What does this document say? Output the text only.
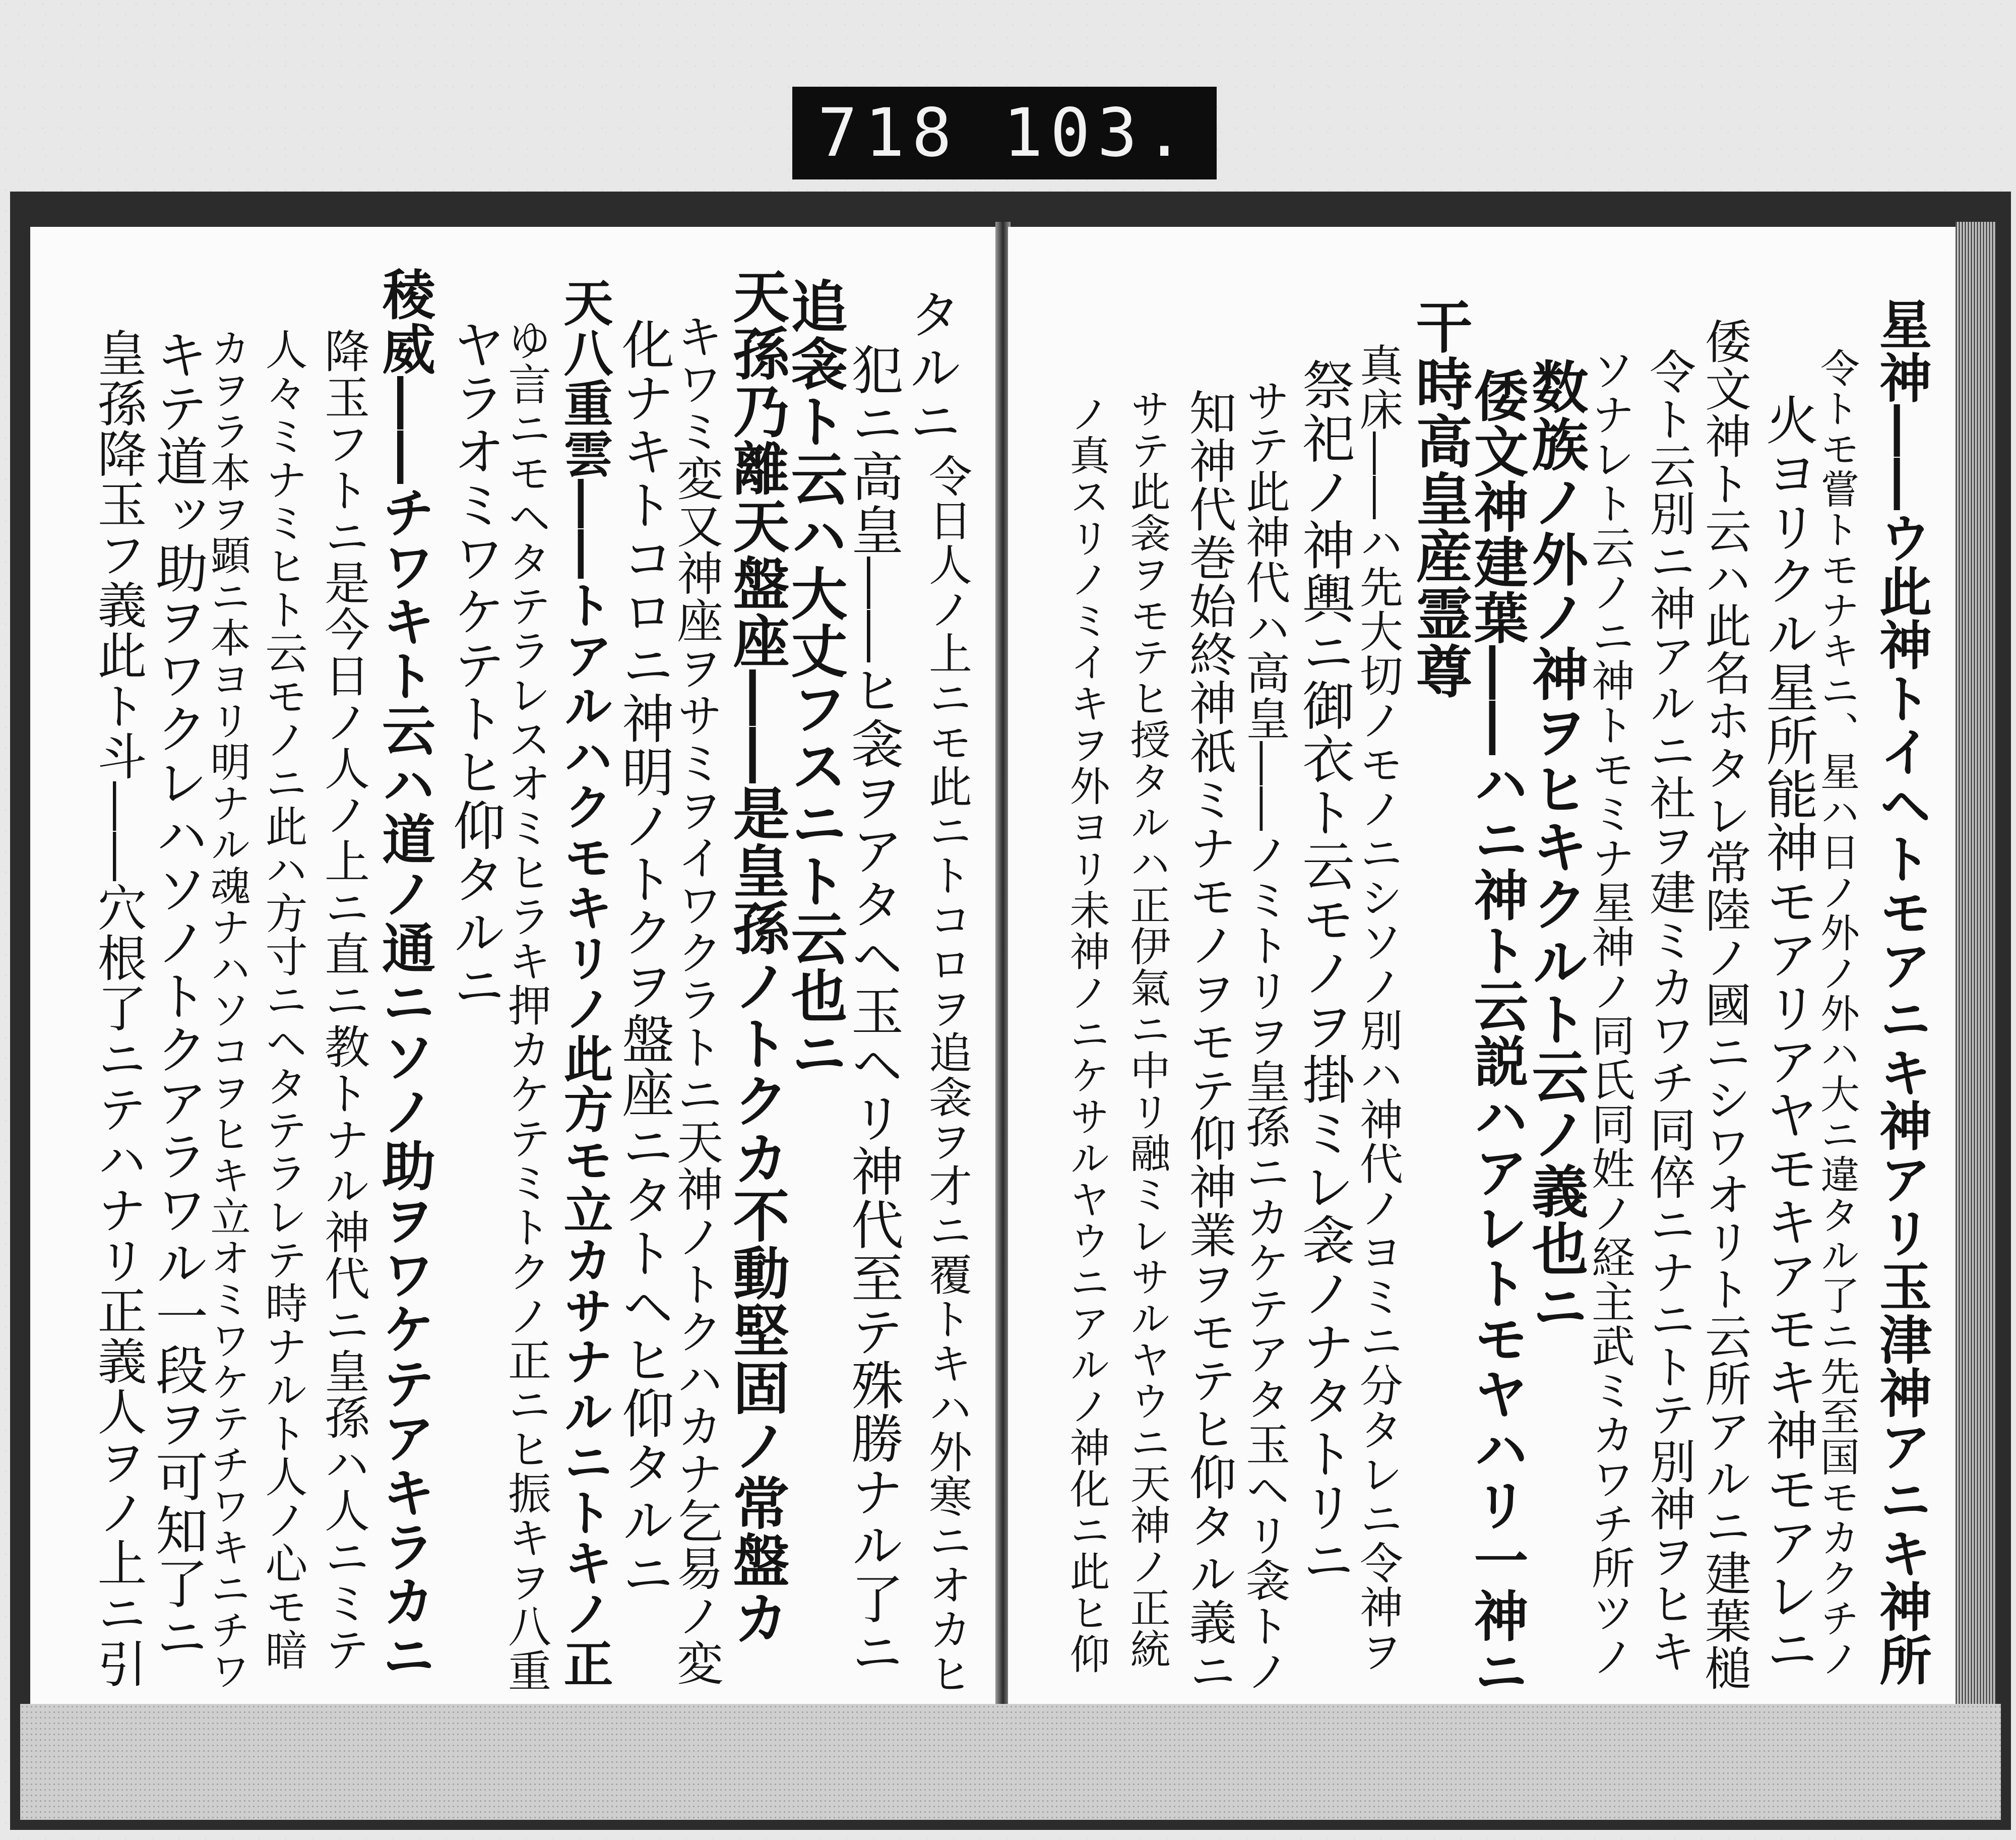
718 103.
タルニ
犯ニ高皇――ヒ衾ヲアタヘ玉ヘリ神代至テ殊勝ナル了ニ 令日人ノ上ニモ此ニトコロヲ追衾ヲ才ニ覆トキハ外寒ニオカヒ
追衾ト云ハ大丈フスニト云也ニ
天孫乃離天盤座――是皇孫ノトクカ不動堅固ノ常盤カ
キワミ変又神座ヲサミヲイワクラトニ天神ノトクハカナ乞易ノ変
化ナキトコロニ神明ノトクヲ盤座ニタトヘヒ仰タルニ
天八重雲――トアルハクモキリノ此方モ立カサナルニトキノ正
ゆ言ニモヘタテラレスオミヒラキ押カケテミトクノ正ニヒ振キヲ八重
ヤラオミワケテトヒ仰タルニ
稜威――チワキト云ハ道ノ通ニソノ助ヲワケテアキラカニ
降玉フトニ是今日ノ人ノ上ニ直ニ教トナル神代ニ皇孫ハ人ニミテ
人々ミナミヒト云モノニ此ハ方寸ニヘタテラレテ時ナルト人ノ心モ暗
カヲラ本ヲ顕ニ本ヨリ明ナル魂ナハソコヲヒキ立オミワケテチワキニチワ
キテ道ッ助ヲワクレハソノトクアラワル一段ヲ可知了ニ
皇孫降玉フ義此ト斗――穴根了ニテハナリ正義人ヲノ上ニ引	星神――ウ此神トイヘトモアニキ神アリ玉津神アニキ神所
令トモ嘗トモナキニ、星ハ日ノ外ノ外ハ大ニ違タル了ニ先至国モカクチノ
火ヨリクル星所能神モアリアヤモキアモキ神モアレニ
倭文神ト云ハ此名ホタレ常陸ノ國ニシワオリト云所アルニ建葉槌
令ト云別ニ神アルニ社ヲ建ミカワチ同倅ニナニトテ別神ヲヒキ
ソナレト云ノニ神トモミナ星神ノ同氏同姓ノ経主武ミカワチ所ツノ
数族ノ外ノ神ヲヒキクルト云ノ義也ニ
倭文神建葉――ハニ神ト云説ハアレトモヤハリ一神ニ
干時高皇産霊尊
真床――ハ先大切ノモノニシソノ別ハ神代ノヨミニ分タレニ令神ヲ
祭祀ノ神輿ニ御衣ト云モノヲ掛ミレ衾ノナタトリニ
サテ此神代ハ高皇――ノミトリヲ皇孫ニカケテアタ玉ヘリ衾トノ
知神代巻始終神祇ミナモノヲモテ仰神業ヲモテヒ仰タル義ニ
サテ此衾ヲモテヒ授タルハ正伊氣ニ中リ融ミレサルヤウニ天神ノ正統
ノ真スリノミイキヲ外ヨリ未神ノニケサルヤウニアルノ神化ニ此ヒ仰
